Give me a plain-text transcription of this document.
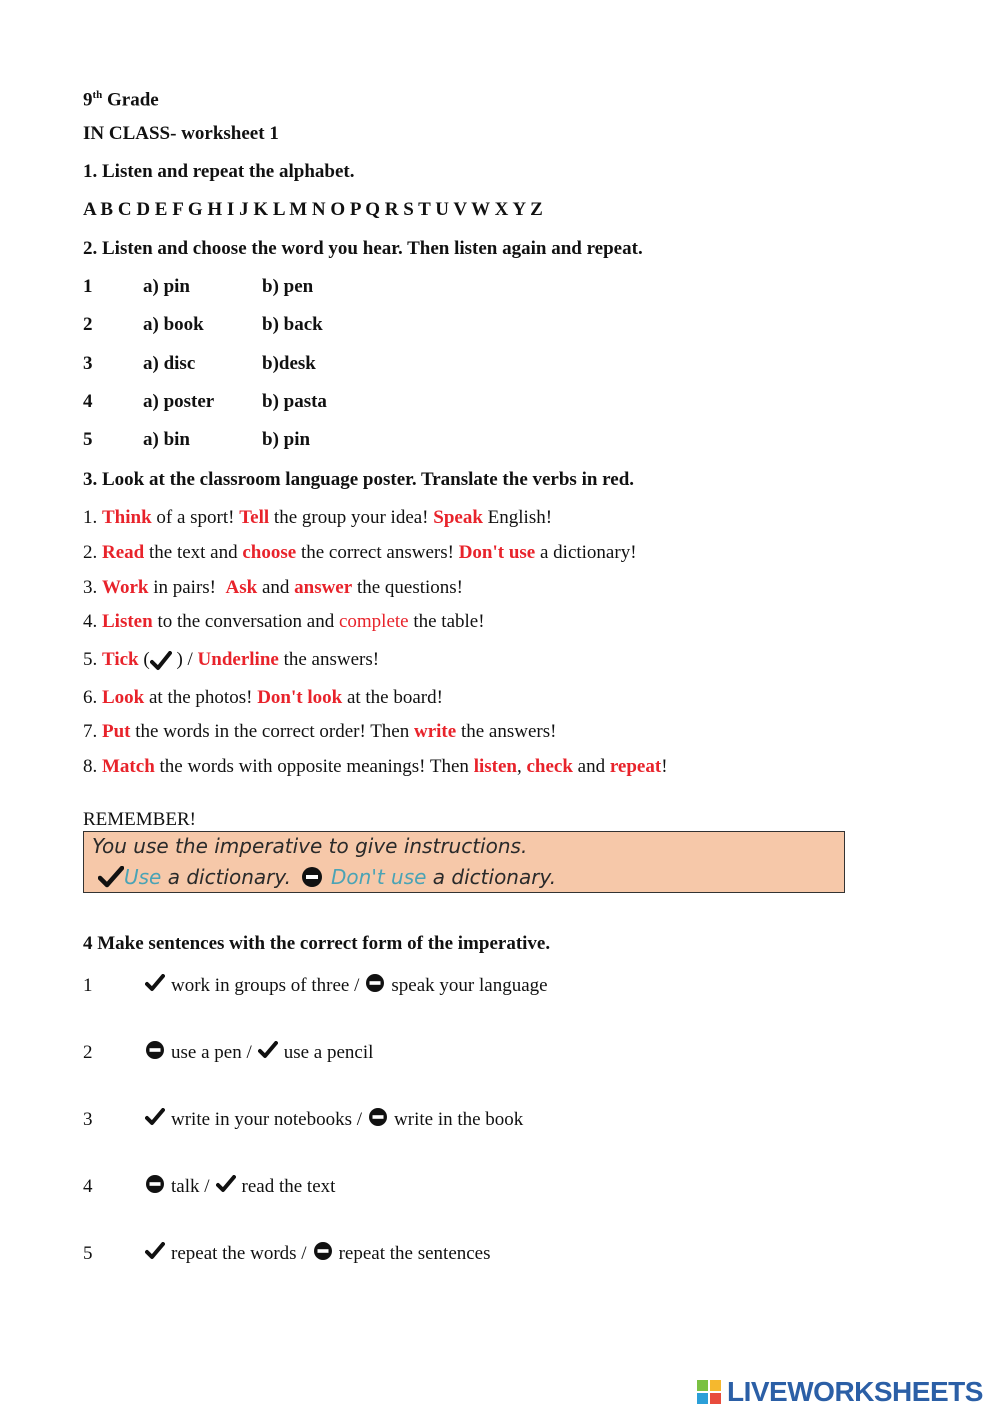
9th Grade
IN CLASS- worksheet 1
1. Listen and repeat the alphabet.
A B C D E F G H I J K L M N O P Q R S T U V W X Y Z
2. Listen and choose the word you hear. Then listen again and repeat.
1	a) pin	b) pen
2	a) book	b) back
3	a) disc	b)desk
4	a) poster	b) pasta
5	a) bin	b) pin
3. Look at the classroom language poster. Translate the verbs in red.
1. Think of a sport! Tell the group your idea! Speak English!
2. Read the text and choose the correct answers! Don't use a dictionary!
3. Work in pairs!  Ask and answer the questions!
4. Listen to the conversation and complete the table!
5. Tick ( ) / Underline the answers!
6. Look at the photos! Don't look at the board!
7. Put the words in the correct order! Then write the answers!
8. Match the words with opposite meanings! Then listen, check and repeat!
REMEMBER!
You use the imperative to give instructions.
Use a dictionary. Don't use a dictionary.
4 Make sentences with the correct form of the imperative.
1	work in groups of three / speak your language
2	use a pen / use a pencil
3	write in your notebooks / write in the book
4	talk / read the text
5	repeat the words / repeat the sentences
LIVEWORKSHEETS
